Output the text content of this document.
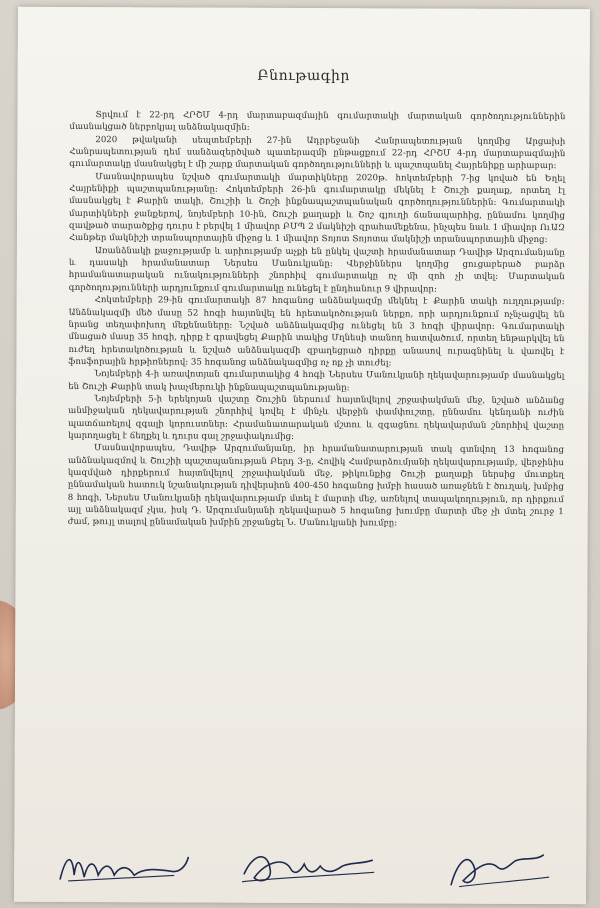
Բնութագիր

Տրվում է 22-րդ ՀՐՇՄ 4-րդ մարտաբազմային գումարտակի մարտական գործողություններին մասնակցած ներբոկյալ անձնակազմին։

2020 թվականի սեպտեմբերի 27-ին Ադրբեջանի Հանրապետության կողմից Արցախի Հանրապետության դեմ սանձազերծված պատերազմի ընթացքում 22-րդ ՀՐՇՄ 4-րդ մարտաբազմային գումարտակը մասնակցել է մի շարք մարտական գործողությունների և պաշտպանել Հայրենիքը արիաբար։

Մասնավորապես նշված գումարտակի մարտիկները 2020թ. հոկտեմբերի 7-ից կռված են Եղել Հայրենիքի պաշտպանությանը։ Հոկտեմբերի 26-ին գումարտակը մեկնել է Շուշի քաղաք, որտեղ էլ մասնակցել է Քարին տակի, Շուշիի և Շոշի ինքնապաշտպանական գործողություններին։ Գումարտակի մարտիկների ջանքերով, նոյեմբերի 10-ին, Շուշի քաղաքի և Շոշ գյուղի ճանապարհից, ըննամու կողմից զավթած տարածքից դուրս է բերվել 1 միավոր ԲՄՊ 2 մակնիշի զրահամեքենա, ինչպես նաև 1 միավոր ՈւԱԶ Հանթեր մակնիշի տրանսպորտային միջոց և 1 միավոր Տոյոտ Տոյոտա մակնիշի տրանսպորտային միջոց։

Առանձնակի քաջությամբ և արիությամբ աչքի են ընկել վաշտի հրամանատար Դավիթ Արզումանյանը և դասակի հրամանատար Ներսես Մանուկյանը։ Վերջիններս կողմից ցուցաբերած բարձր հրամանատարական ունակությունների շնորհիվ գումարտակը ոչ մի զոհ չի տվել։ Մարտական գործողությունների արդյունքում գումարտակը ունեցել է ընդհանուր 9 վիրավոր։

Հոկտեմբերի 29-ին գումարտակի 87 հոգանոց անձնակազմը մեկնել է Քարին տակի ուղղությամբ։ Անձնակազմի մեծ մասը 52 հոգի հայտնվել են հրետակոծության ներքո, որի արդյունքում ոչնչացվել են նրանց տեղափոխող մեքենաները։ Նշված անձնակազմից ունեցել են 3 հոգի վիրավոր։ Գումարտակի մնացած մասը 35 հոգի, դիրք է գրավեցել Քարին տակից Մղնեսի տանող հատվածում, որտեղ ենթարկվել են ուժեղ հրետակոծության և նշված անձնակազմի զբաղեցրած դիրքը անասով ուրագնինել և վառվել է ֆոսֆորային հրթիռներով։ 35 հոգանոց անձնակազմից ոչ ոք չի տուժել։

Նոյեմբերի 4-ի առավոտյան գումարտակից 4 հոգի Ներսես Մանուկյանի ղեկավարությամբ մասնակցել են Շուշի Քարին տակ խաչմերուկի ինքնապաշտպանությանը։

Նոյեմբերի 5-ի երեկոյան վաշտը Շուշին ներսում հայտնվելով շրջափակման մեջ, նշված անձանց անմիջական ղեկավարության շնորհիվ կռվել է մինչև վերջին փամփուշտը, ըննամու կենդանի ուժին պատճառելով զգալի կորուստներ։ Հրամանատարական մշտու և զգացնու ղեկավարման շնորհիվ վաշտը կարողացել է ճեղքել և դուրս գալ շրջափակումից։

Մասնավորապես, Դավիթ Արզումանյանը, իր հրամանատարության տակ գտնվող 13 հոգանոց անձնակազմով և Շուշիի պաշտպանության Բերդ 3-ը, Հովիկ Համբարձումյանի ղեկավարությամբ, վերջինիս կազմված դիրքերում հայտնվելով շրջափակման մեջ, թիկունքից Շուշի քաղաքի ներսից մուտքեղ ըննամական հատուկ նշանակության դիվերսիոն 400-450 հոգանոց խմբի հասած առաջնեն է ծուղակ, խմբից 8 հոգի, Ներսես Մանուկյանի ղեկավարությամբ մտել է մարտի մեջ, առնելով տապակողություն, որ դիրքում այլ անձնակազմ չկա, իսկ Դ. Արզումանյանի ղեկավարած 5 հոգանոց խումբը մարտի մեջ չի մտել շուրջ 1 ժամ, թույլ տալով ըննամական խմբին շրջանցել Ն. Մանուկյանի խումբը։
